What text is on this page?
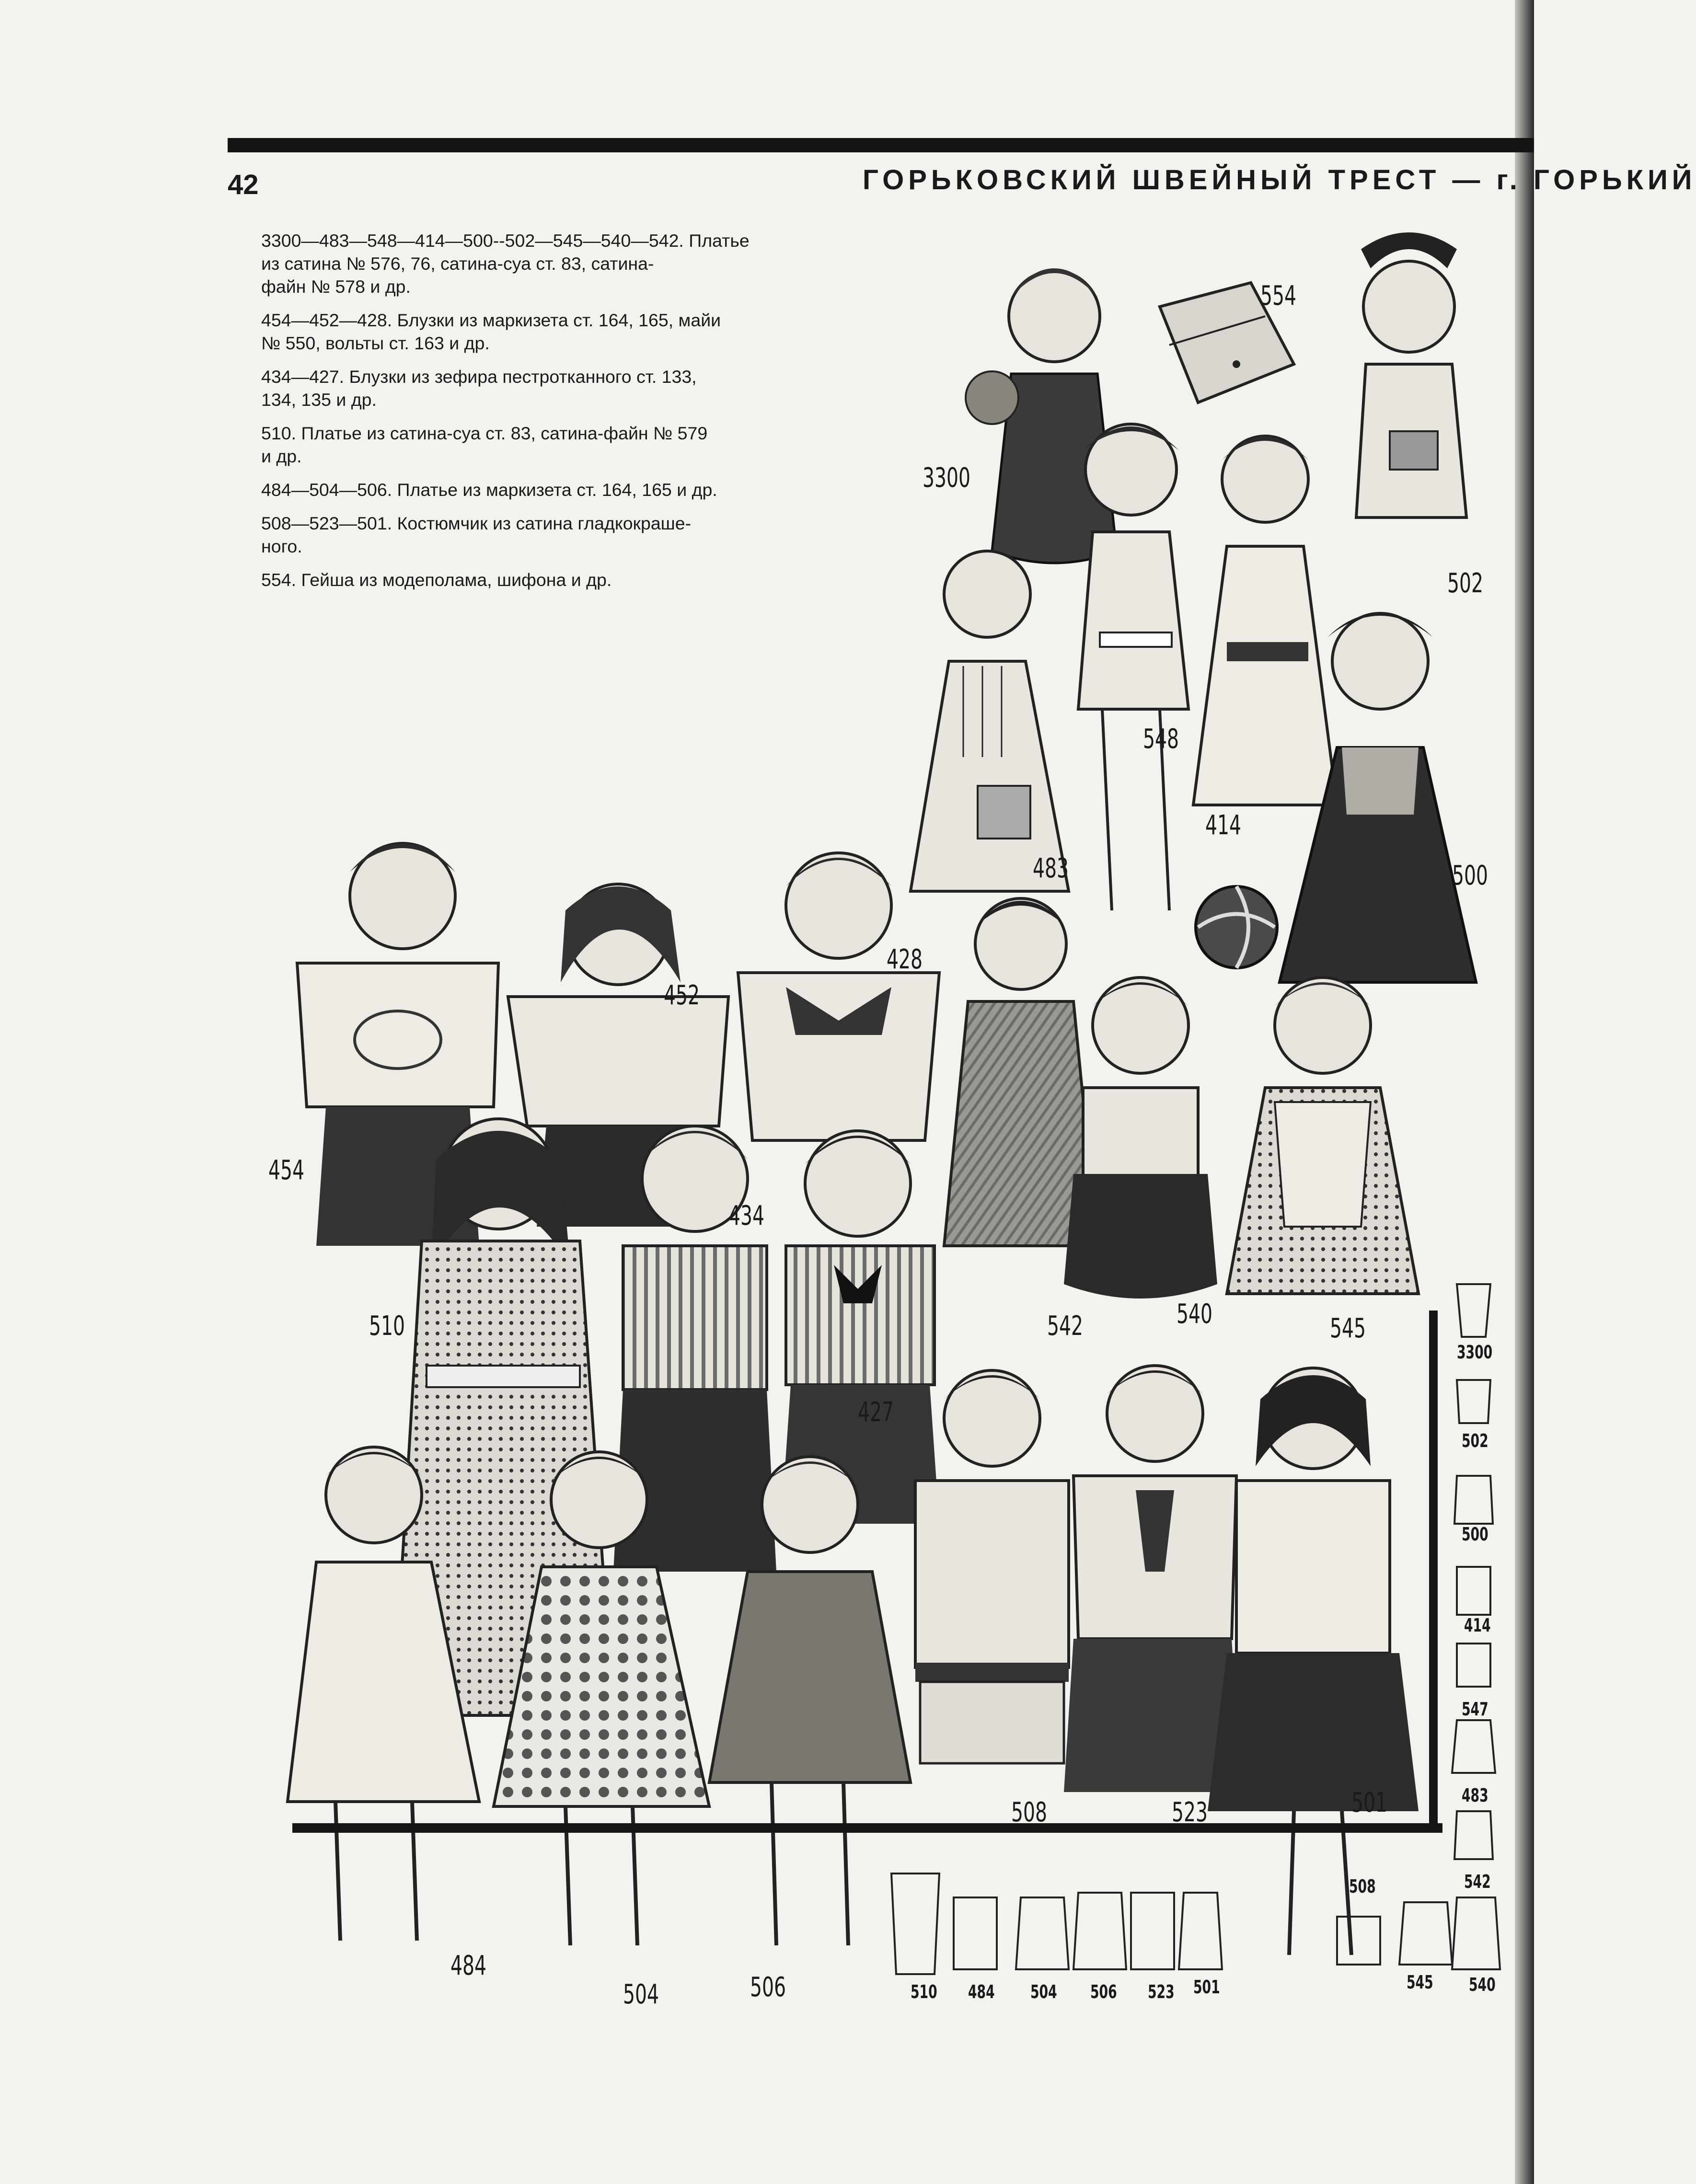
42	ГОРЬКОВСКИЙ ШВЕЙНЫЙ ТРЕСТ — г. ГОРЬКИЙ

3300—483—548—414—500--502—545—540—542. Платье
из сатина № 576, 76, сатина-суа ст. 83, сатина-
файн № 578 и др.

454—452—428. Блузки из маркизета ст. 164, 165, майи
№ 550, вольты ст. 163 и др.

434—427. Блузки из зефира пестротканного ст. 133,
134, 135 и др.

510. Платье из сатина-суа ст. 83, сатина-файн № 579
и др.

484—504—506. Платье из маркизета ст. 164, 165 и др.

508—523—501. Костюмчик из сатина гладкокраше-
ного.

554. Гейша из модеполама, шифона и др.

554
3300
502
548
414
483	500
452
428
454
434
510	542	540	545
427
508	523	501
484
504	506
3300
502
500
414
547
483
542
510 484 504 506 523 501
508
545 540
